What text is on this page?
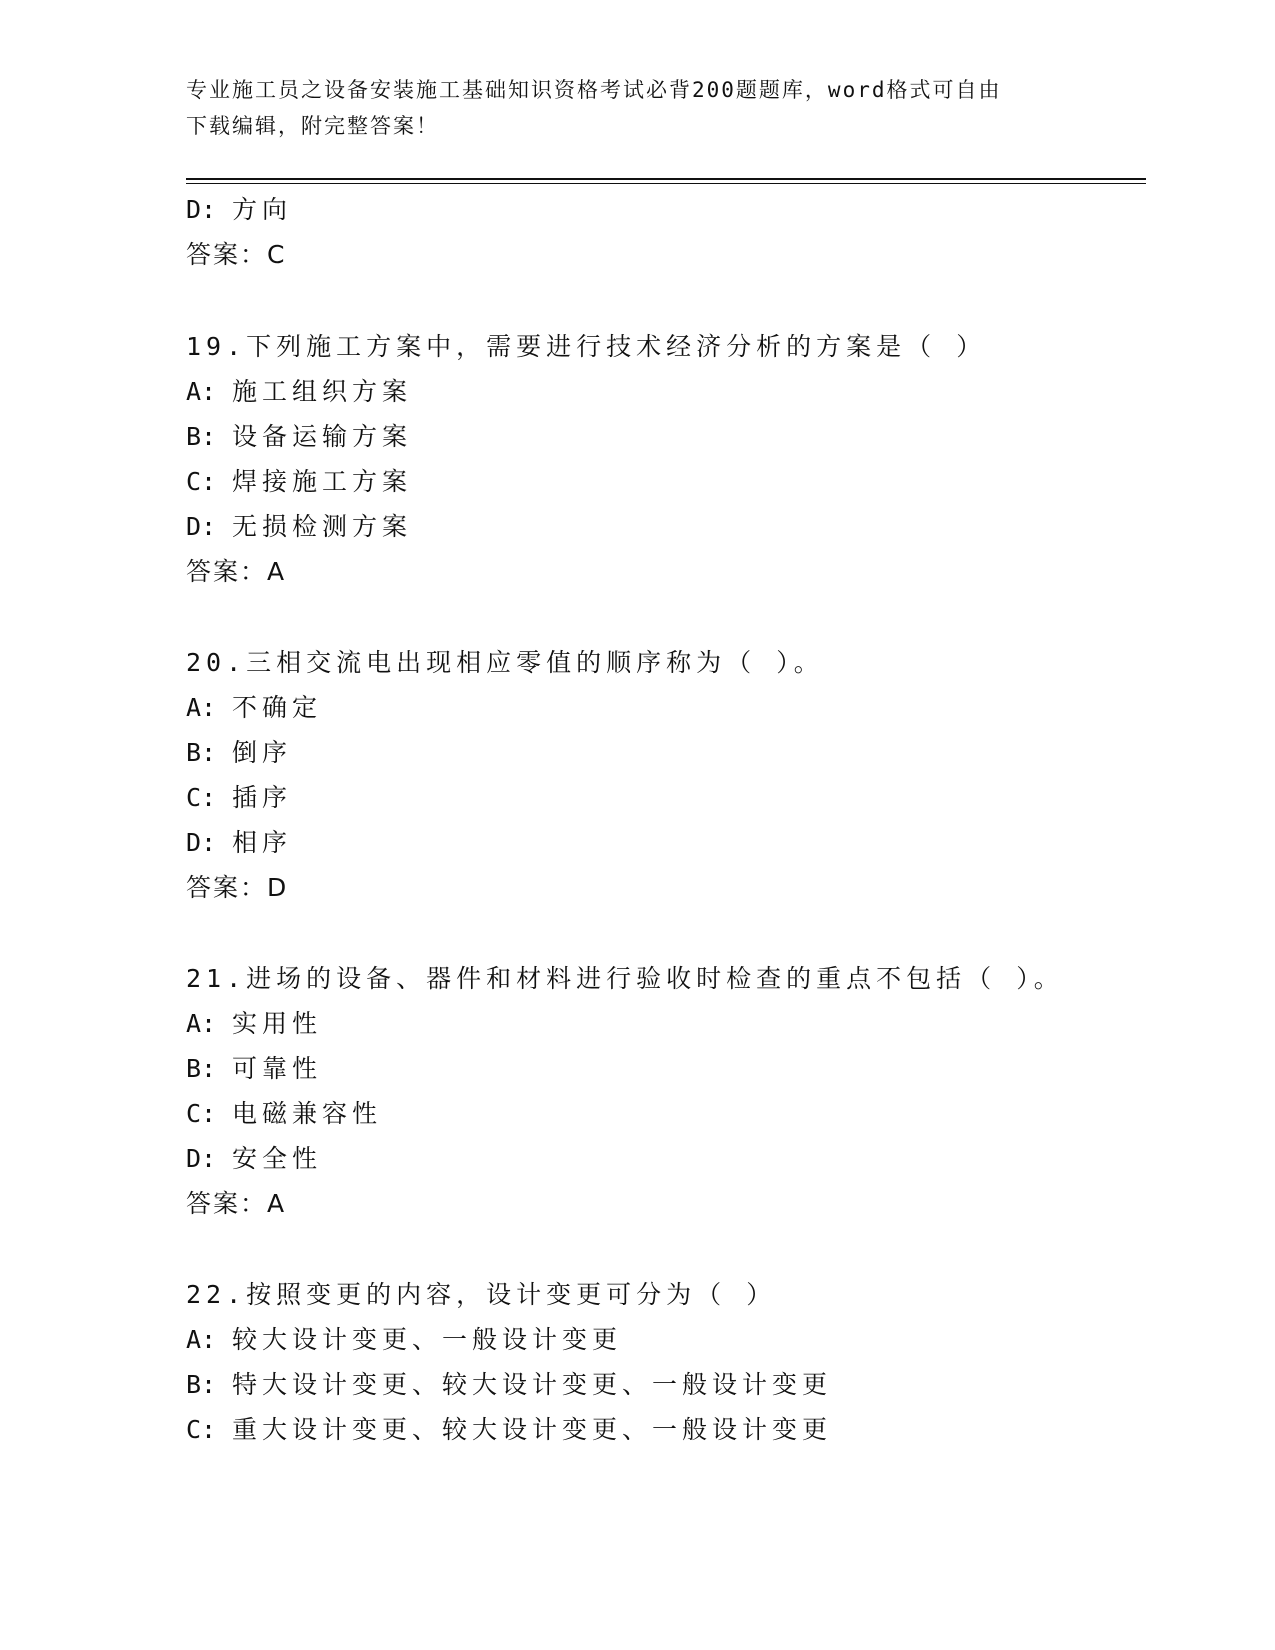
专业施工员之设备安装施工基础知识资格考试必背200题题库，word格式可自由
下载编辑，附完整答案！
D: 方向
答案：C
19.下列施工方案中，需要进行技术经济分析的方案是（ ）
A: 施工组织方案
B: 设备运输方案
C: 焊接施工方案
D: 无损检测方案
答案：A
20.三相交流电出现相应零值的顺序称为（ ）。
A: 不确定
B: 倒序
C: 插序
D: 相序
答案：D
21.进场的设备、器件和材料进行验收时检查的重点不包括（ ）。
A: 实用性
B: 可靠性
C: 电磁兼容性
D: 安全性
答案：A
22.按照变更的内容，设计变更可分为（ ）
A: 较大设计变更、一般设计变更
B: 特大设计变更、较大设计变更、一般设计变更
C: 重大设计变更、较大设计变更、一般设计变更
